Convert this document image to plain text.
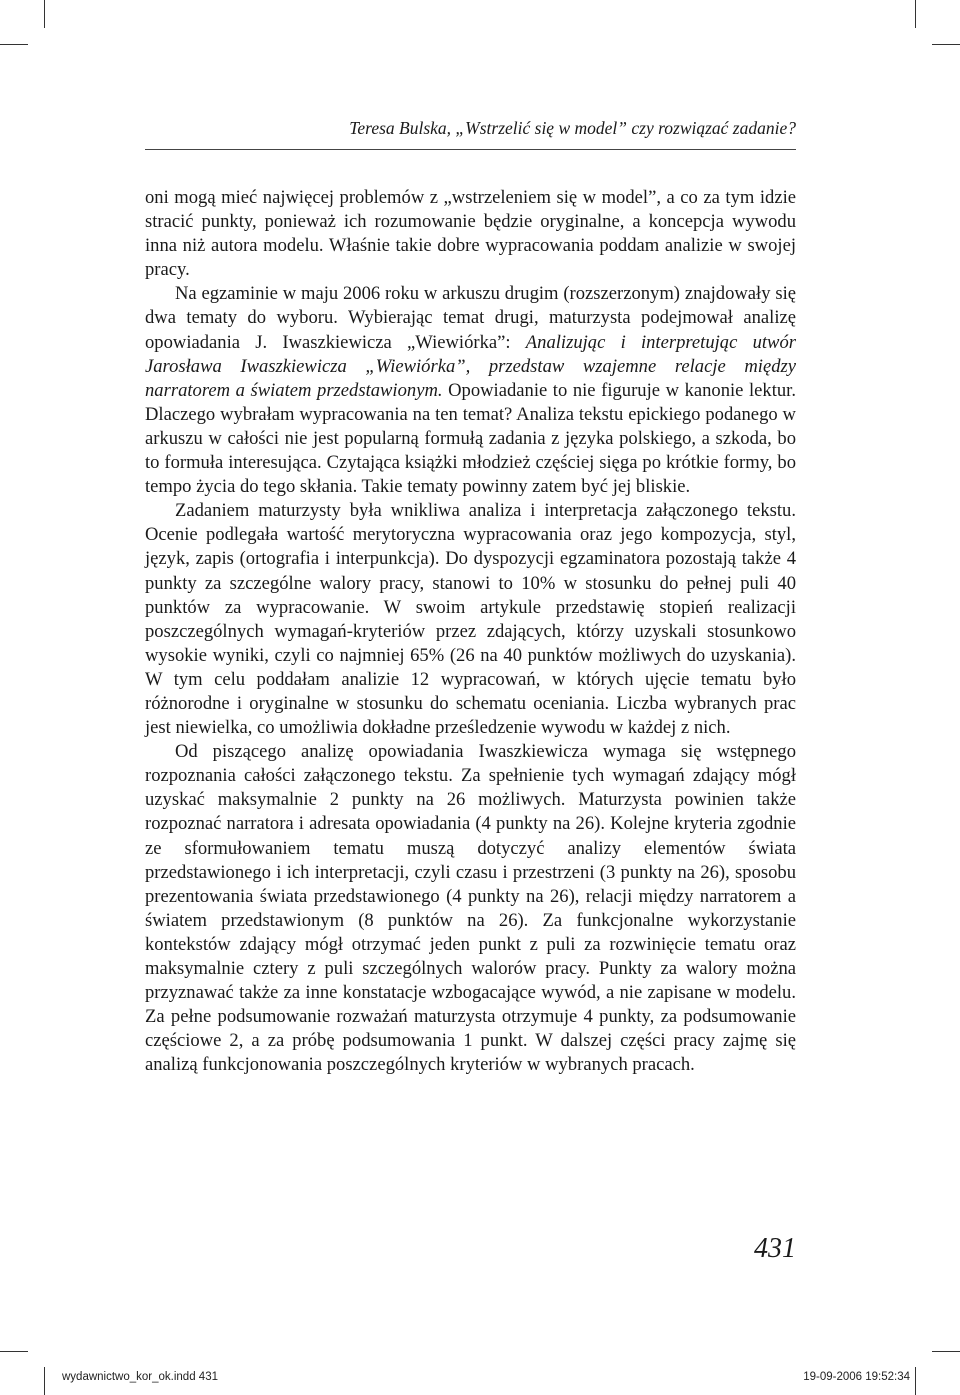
Teresa Bulska, „Wstrzelić się w model” czy rozwiązać zadanie?

oni mogą mieć najwięcej problemów z „wstrzeleniem się w model”, a co za tym idzie stracić punkty, ponieważ ich rozumowanie będzie oryginalne, a koncepcja wywodu inna niż autora modelu. Właśnie takie dobre wypracowania poddam analizie w swojej pracy.

Na egzaminie w maju 2006 roku w arkuszu drugim (rozszerzonym) znajdowały się dwa tematy do wyboru. Wybierając temat drugi, maturzysta podejmował analizę opowiadania J. Iwaszkiewicza „Wiewiórka”: Analizując i interpretując utwór Jarosława Iwaszkiewicza „Wiewiórka”, przedstaw wzajemne relacje między narratorem a światem przedstawionym. Opowiadanie to nie figuruje w kanonie lektur. Dlaczego wybrałam wypracowania na ten temat? Analiza tekstu epickiego podanego w arkuszu w całości nie jest popularną formułą zadania z języka polskiego, a szkoda, bo to formuła interesująca. Czytająca książki młodzież częściej sięga po krótkie formy, bo tempo życia do tego skłania. Takie tematy powinny zatem być jej bliskie.

Zadaniem maturzysty była wnikliwa analiza i interpretacja załączonego tekstu. Ocenie podlegała wartość merytoryczna wypracowania oraz jego kompozycja, styl, język, zapis (ortografia i interpunkcja). Do dyspozycji egzaminatora pozostają także 4 punkty za szczególne walory pracy, stanowi to 10% w stosunku do pełnej puli 40 punktów za wypracowanie. W swoim artykule przedstawię stopień realizacji poszczególnych wymagań-kryteriów przez zdających, którzy uzyskali stosunkowo wysokie wyniki, czyli co najmniej 65% (26 na 40 punktów możliwych do uzyskania). W tym celu poddałam analizie 12 wypracowań, w których ujęcie tematu było różnorodne i oryginalne w stosunku do schematu oceniania. Liczba wybranych prac jest niewielka, co umożliwia dokładne prześledzenie wywodu w każdej z nich.

Od piszącego analizę opowiadania Iwaszkiewicza wymaga się wstępnego rozpoznania całości załączonego tekstu. Za spełnienie tych wymagań zdający mógł uzyskać maksymalnie 2 punkty na 26 możliwych. Maturzysta powinien także rozpoznać narratora i adresata opowiadania (4 punkty na 26). Kolejne kryteria zgodnie ze sformułowaniem tematu muszą dotyczyć analizy elementów świata przedstawionego i ich interpretacji, czyli czasu i przestrzeni (3 punkty na 26), sposobu prezentowania świata przedstawionego (4 punkty na 26), relacji między narratorem a światem przedstawionym (8 punktów na 26). Za funkcjonalne wykorzystanie kontekstów zdający mógł otrzymać jeden punkt z puli za rozwinięcie tematu oraz maksymalnie cztery z puli szczególnych walorów pracy. Punkty za walory można przyznawać także za inne konstatacje wzbogacające wywód, a nie zapisane w modelu. Za pełne podsumowanie rozważań maturzysta otrzymuje 4 punkty, za podsumowanie częściowe 2, a za próbę podsumowania 1 punkt. W dalszej części pracy zajmę się analizą funkcjonowania poszczególnych kryteriów w wybranych pracach.

431
wydawnictwo_kor_ok.indd 431	19-09-2006 19:52:34
